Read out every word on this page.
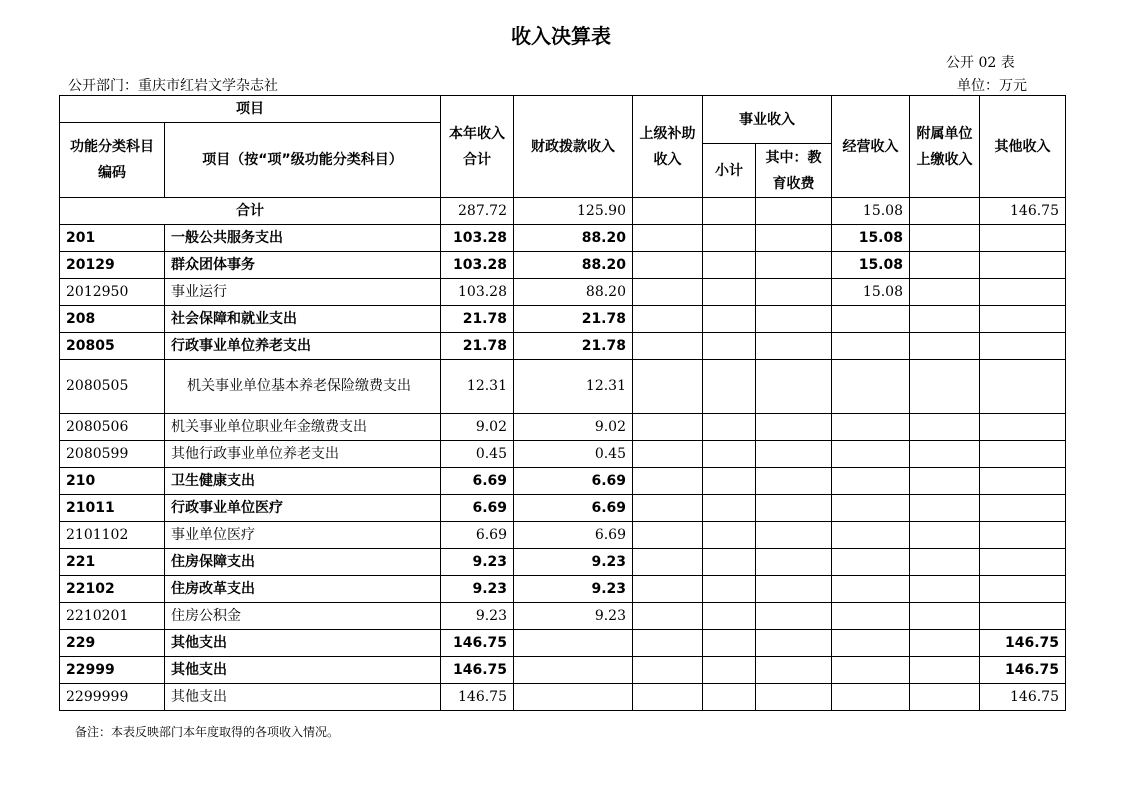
收入决算表
公开 02 表
公开部门：重庆市红岩文学杂志社	单位：万元
项目		本年收入合计	财政拨款收入	上级补助收入	事业收入		经营收入	附属单位上缴收入	其他收入
功能分类科目编码	项目（按“项”级功能分类科目）								
					小计	其中：教育收费			
合计		287.72	125.90				15.08		146.75
201	一般公共服务支出	103.28	88.20				15.08		
20129	群众团体事务	103.28	88.20				15.08		
2012950	事业运行	103.28	88.20				15.08		
208	社会保障和就业支出	21.78	21.78						
20805	行政事业单位养老支出	21.78	21.78						
2080505	机关事业单位基本养老保险缴费支出	12.31	12.31						
2080506	机关事业单位职业年金缴费支出	9.02	9.02						
2080599	其他行政事业单位养老支出	0.45	0.45						
210	卫生健康支出	6.69	6.69						
21011	行政事业单位医疗	6.69	6.69						
2101102	事业单位医疗	6.69	6.69						
221	住房保障支出	9.23	9.23						
22102	住房改革支出	9.23	9.23						
2210201	住房公积金	9.23	9.23						
229	其他支出	146.75							146.75
22999	其他支出	146.75							146.75
2299999	其他支出	146.75							146.75
备注：本表反映部门本年度取得的各项收入情况。
